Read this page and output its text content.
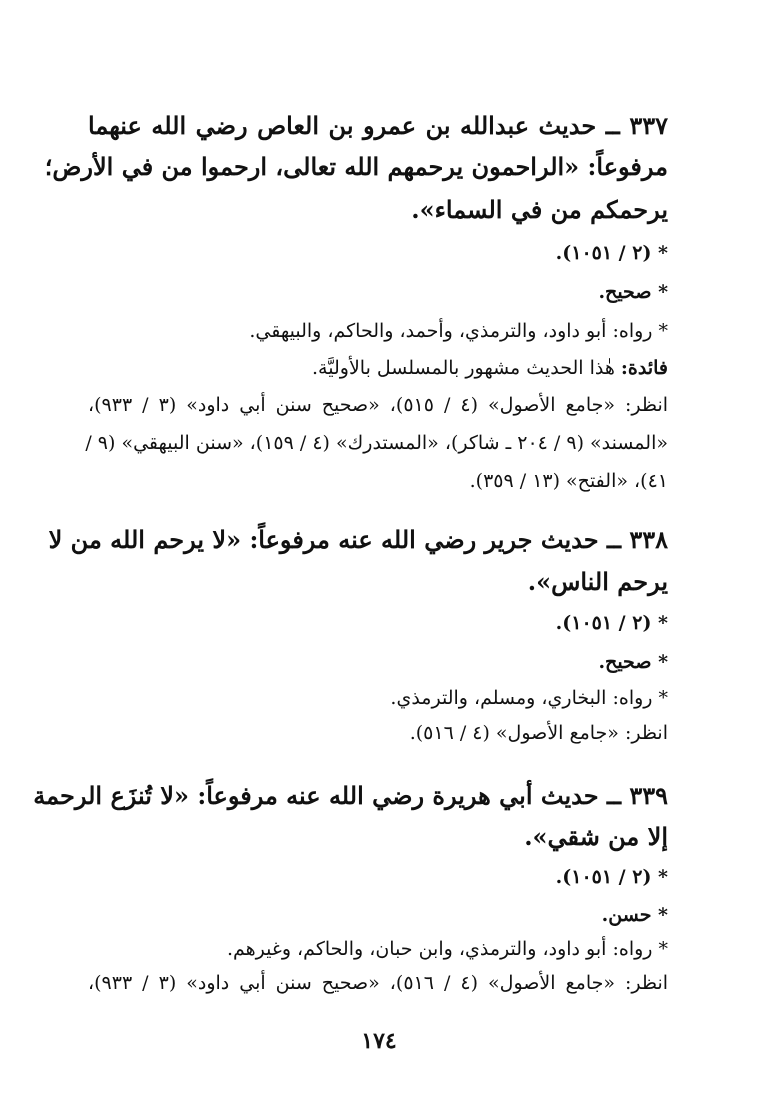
٣٣٧ ــ حديث عبدالله بن عمرو بن العاص رضي الله عنهما
مرفوعاً: «الراحمون يرحمهم الله تعالى، ارحموا من في الأرض؛
يرحمكم من في السماء».
* (٢ / ١٠٥١).
* صحيح.
* رواه: أبو داود، والترمذي، وأحمد، والحاكم، والبيهقي.
فائدة: هٰذا الحديث مشهور بالمسلسل بالأوليَّة.
انظر: «جامع الأصول» (٤ / ٥١٥)، «صحيح سنن أبي داود» (٣ / ٩٣٣)،
«المسند» (٩ / ٢٠٤ ـ شاكر)، «المستدرك» (٤ / ١٥٩)، «سنن البيهقي» (٩ /
٤١)، «الفتح» (١٣ / ٣٥٩).
٣٣٨ ــ حديث جرير رضي الله عنه مرفوعاً: «لا يرحم الله من لا
يرحم الناس».
* (٢ / ١٠٥١).
* صحيح.
* رواه: البخاري، ومسلم، والترمذي.
انظر: «جامع الأصول» (٤ / ٥١٦).
٣٣٩ ــ حديث أبي هريرة رضي الله عنه مرفوعاً: «لا تُنزَع الرحمة
إلا من شقي».
* (٢ / ١٠٥١).
* حسن.
* رواه: أبو داود، والترمذي، وابن حبان، والحاكم، وغيرهم.
انظر: «جامع الأصول» (٤ / ٥١٦)، «صحيح سنن أبي داود» (٣ / ٩٣٣)،
١٧٤
